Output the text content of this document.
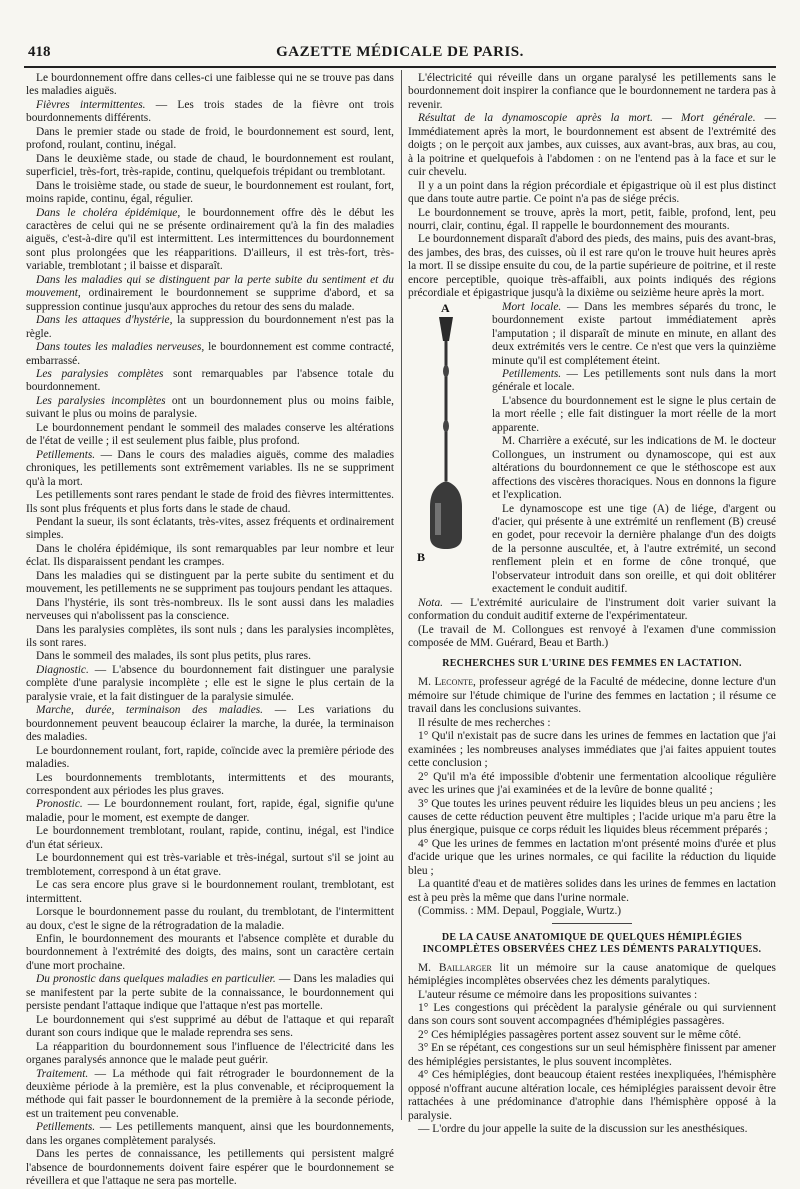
418	GAZETTE MÉDICALE DE PARIS.

Le bourdonnement offre dans celles-ci une faiblesse qui ne se trouve pas dans les maladies aiguës.

Fièvres intermittentes. — Les trois stades de la fièvre ont trois bourdonnements différents.

Dans le premier stade ou stade de froid, le bourdonnement est sourd, lent, profond, roulant, continu, inégal.

Dans le deuxième stade, ou stade de chaud, le bourdonnement est roulant, superficiel, très-fort, très-rapide, continu, quelquefois trépidant ou tremblotant.

Dans le troisième stade, ou stade de sueur, le bourdonnement est roulant, fort, moins rapide, continu, égal, régulier.

Dans le choléra épidémique, le bourdonnement offre dès le début les caractères de celui qui ne se présente ordinairement qu'à la fin des maladies aiguës, c'est-à-dire qu'il est intermittent. Les intermittences du bourdonnement sont plus prolongées que les réapparitions. D'ailleurs, il est très-fort, très-variable, tremblotant ; il baisse et disparaît.

Dans les maladies qui se distinguent par la perte subite du sentiment et du mouvement, ordinairement le bourdonnement se supprime d'abord, et sa suppression continue jusqu'aux approches du retour des sens du malade.

Dans les attaques d'hystérie, la suppression du bourdonnement n'est pas la règle.

Dans toutes les maladies nerveuses, le bourdonnement est comme contracté, embarrassé.

Les paralysies complètes sont remarquables par l'absence totale du bourdonnement.

Les paralysies incomplètes ont un bourdonnement plus ou moins faible, suivant le plus ou moins de paralysie.

Le bourdonnement pendant le sommeil des malades conserve les altérations de l'état de veille ; il est seulement plus faible, plus profond.

Petillements. — Dans le cours des maladies aiguës, comme des maladies chroniques, les petillements sont extrêmement variables. Ils ne se suppriment qu'à la mort.

Les petillements sont rares pendant le stade de froid des fièvres intermittentes. Ils sont plus fréquents et plus forts dans le stade de chaud.

Pendant la sueur, ils sont éclatants, très-vites, assez fréquents et ordinairement simples.

Dans le choléra épidémique, ils sont remarquables par leur nombre et leur éclat. Ils disparaissent pendant les crampes.

Dans les maladies qui se distinguent par la perte subite du sentiment et du mouvement, les petillements ne se suppriment pas toujours pendant les attaques.

Dans l'hystérie, ils sont très-nombreux. Ils le sont aussi dans les maladies nerveuses qui n'abolissent pas la conscience.

Dans les paralysies complètes, ils sont nuls ; dans les paralysies incomplètes, ils sont rares.

Dans le sommeil des malades, ils sont plus petits, plus rares.

Diagnostic. — L'absence du bourdonnement fait distinguer une paralysie complète d'une paralysie incomplète ; elle est le signe le plus certain de la paralysie vraie, et la fait distinguer de la paralysie simulée.

Marche, durée, terminaison des maladies. — Les variations du bourdonnement peuvent beaucoup éclairer la marche, la durée, la terminaison des maladies.

Le bourdonnement roulant, fort, rapide, coïncide avec la première période des maladies.

Les bourdonnements tremblotants, intermittents et des mourants, correspondent aux périodes les plus graves.

Pronostic. — Le bourdonnement roulant, fort, rapide, égal, signifie qu'une maladie, pour le moment, est exempte de danger.

Le bourdonnement tremblotant, roulant, rapide, continu, inégal, est l'indice d'un état sérieux.

Le bourdonnement qui est très-variable et très-inégal, surtout s'il se joint au tremblotement, correspond à un état grave.

Le cas sera encore plus grave si le bourdonnement roulant, tremblotant, est intermittent.

Lorsque le bourdonnement passe du roulant, du tremblotant, de l'intermittent au doux, c'est le signe de la rétrogradation de la maladie.

Enfin, le bourdonnement des mourants et l'absence complète et durable du bourdonnement à l'extrémité des doigts, des mains, sont un caractère certain d'une mort prochaine.

Du pronostic dans quelques maladies en particulier. — Dans les maladies qui se manifestent par la perte subite de la connaissance, le bourdonnement qui persiste pendant l'attaque indique que l'attaque n'est pas mortelle.

Le bourdonnement qui s'est supprimé au début de l'attaque et qui reparaît durant son cours indique que le malade reprendra ses sens.

La réapparition du bourdonnement sous l'influence de l'électricité dans les organes paralysés annonce que le malade peut guérir.

Traitement. — La méthode qui fait rétrograder le bourdonnement de la deuxième période à la première, est la plus convenable, et réciproquement la méthode qui fait passer le bourdonnement de la première à la seconde période, est un traitement peu convenable.

Petillements. — Les petillements manquent, ainsi que les bourdonnements, dans les organes complètement paralysés.

Dans les pertes de connaissance, les petillements qui persistent malgré l'absence de bourdonnements doivent faire espérer que le bourdonnement se réveillera et que l'attaque ne sera pas mortelle.

L'électricité qui réveille dans un organe paralysé les petillements sans le bourdonnement doit inspirer la confiance que le bourdonnement ne tardera pas à revenir.

Résultat de la dynamoscopie après la mort. — Mort générale. — Immédiatement après la mort, le bourdonnement est absent de l'extrémité des doigts ; on le perçoit aux jambes, aux cuisses, aux avant-bras, aux bras, au cou, à la poitrine et quelquefois à l'abdomen : on ne l'entend pas à la face et sur le cuir chevelu.

Il y a un point dans la région précordiale et épigastrique où il est plus distinct que dans toute autre partie. Ce point n'a pas de siége précis.

Le bourdonnement se trouve, après la mort, petit, faible, profond, lent, peu nourri, clair, continu, égal. Il rappelle le bourdonnement des mourants.

Le bourdonnement disparaît d'abord des pieds, des mains, puis des avant-bras, des jambes, des bras, des cuisses, où il est rare qu'on le trouve huit heures après la mort. Il se dissipe ensuite du cou, de la partie supérieure de poitrine, et il reste encore perceptible, quoique très-affaibli, aux points indiqués des régions précordiale et épigastrique jusqu'à la dixième ou seizième heure après la mort.

A
B

Mort locale. — Dans les membres séparés du tronc, le bourdonnement existe partout immédiatement après l'amputation ; il disparaît de minute en minute, en allant des deux extrémités vers le centre. Ce n'est que vers la quinzième minute qu'il est complétement éteint.

Petillements. — Les petillements sont nuls dans la mort générale et locale.

L'absence du bourdonnement est le signe le plus certain de la mort réelle ; elle fait distinguer la mort réelle de la mort apparente.

M. Charrière a exécuté, sur les indications de M. le docteur Collongues, un instrument ou dynamoscope, qui est aux altérations du bourdonnement ce que le stéthoscope est aux affections des viscères thoraciques. Nous en donnons la figure et l'explication.

Le dynamoscope est une tige (A) de liége, d'argent ou d'acier, qui présente à une extrémité un renflement (B) creusé en godet, pour recevoir la dernière phalange d'un des doigts de la personne auscultée, et, à l'autre extrémité, un second renflement plein et en forme de cône tronqué, que l'observateur introduit dans son oreille, et qui doit oblitérer exactement le conduit auditif.

Nota. — L'extrémité auriculaire de l'instrument doit varier suivant la conformation du conduit auditif externe de l'expérimentateur.

(Le travail de M. Collongues est renvoyé à l'examen d'une commission composée de MM. Guérard, Beau et Barth.)

RECHERCHES SUR L'URINE DES FEMMES EN LACTATION.

M. Leconte, professeur agrégé de la Faculté de médecine, donne lecture d'un mémoire sur l'étude chimique de l'urine des femmes en lactation ; il résume ce travail dans les conclusions suivantes.

Il résulte de mes recherches :

1° Qu'il n'existait pas de sucre dans les urines de femmes en lactation que j'ai examinées ; les nombreuses analyses immédiates que j'ai faites appuient toutes cette conclusion ;

2° Qu'il m'a été impossible d'obtenir une fermentation alcoolique régulière avec les urines que j'ai examinées et de la levûre de bonne qualité ;

3° Que toutes les urines peuvent réduire les liquides bleus un peu anciens ; les causes de cette réduction peuvent être multiples ; l'acide urique m'a paru être la plus énergique, puisque ce corps réduit les liquides bleus récemment préparés ;

4° Que les urines de femmes en lactation m'ont présenté moins d'urée et plus d'acide urique que les urines normales, ce qui facilite la réduction du liquide bleu ;

La quantité d'eau et de matières solides dans les urines de femmes en lactation est à peu près la même que dans l'urine normale.

(Commiss. : MM. Depaul, Poggiale, Wurtz.)

DE LA CAUSE ANATOMIQUE DE QUELQUES HÉMIPLÉGIES INCOMPLÈTES OBSERVÉES CHEZ LES DÉMENTS PARALYTIQUES.

M. Baillarger lit un mémoire sur la cause anatomique de quelques hémiplégies incomplètes observées chez les déments paralytiques.

L'auteur résume ce mémoire dans les propositions suivantes :

1° Les congestions qui précèdent la paralysie générale ou qui surviennent dans son cours sont souvent accompagnées d'hémiplégies passagères.

2° Ces hémiplégies passagères portent assez souvent sur le même côté.

3° En se répétant, ces congestions sur un seul hémisphère finissent par amener des hémiplégies persistantes, le plus souvent incomplètes.

4° Ces hémiplégies, dont beaucoup étaient restées inexpliquées, l'hémisphère opposé n'offrant aucune altération locale, ces hémiplégies paraissent devoir être rattachées à une prédominance d'atrophie dans l'hémisphère opposé à la paralysie.

— L'ordre du jour appelle la suite de la discussion sur les anesthésiques.
